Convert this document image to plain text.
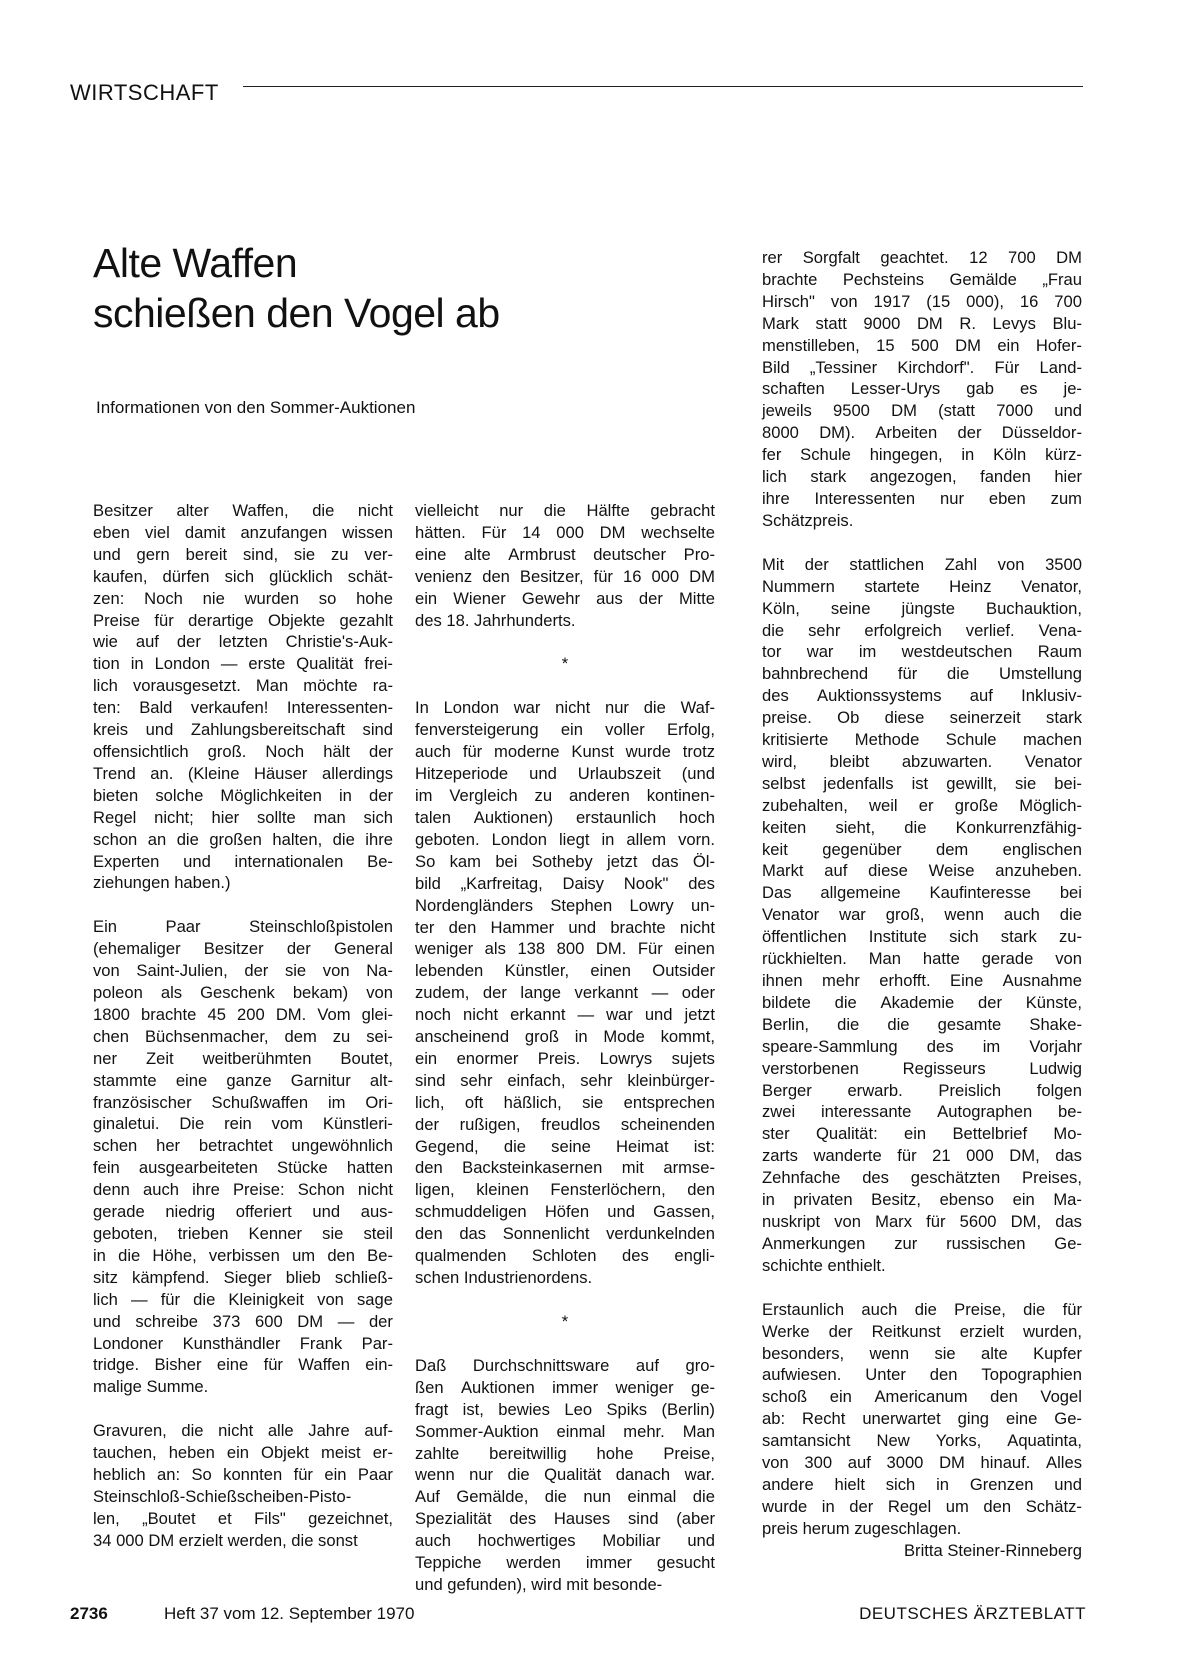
WIRTSCHAFT
Alte Waffen
schießen den Vogel ab
Informationen von den Sommer-Auktionen
Besitzer alter Waffen, die nicht
eben viel damit anzufangen wissen
und gern bereit sind, sie zu ver-
kaufen, dürfen sich glücklich schät-
zen: Noch nie wurden so hohe
Preise für derartige Objekte gezahlt
wie auf der letzten Christie's-Auk-
tion in London — erste Qualität frei-
lich vorausgesetzt. Man möchte ra-
ten: Bald verkaufen! Interessenten-
kreis und Zahlungsbereitschaft sind
offensichtlich groß. Noch hält der
Trend an. (Kleine Häuser allerdings
bieten solche Möglichkeiten in der
Regel nicht; hier sollte man sich
schon an die großen halten, die ihre
Experten und internationalen Be-
ziehungen haben.)
Ein	Paar	Steinschloßpistolen
(ehemaliger Besitzer der General
von Saint-Julien, der sie von Na-
poleon als Geschenk bekam) von
1800 brachte 45 200 DM. Vom glei-
chen Büchsenmacher, dem zu sei-
ner Zeit weitberühmten Boutet,
stammte eine ganze Garnitur alt-
französischer Schußwaffen im Ori-
ginaletui. Die rein vom Künstleri-
schen her betrachtet ungewöhnlich
fein ausgearbeiteten Stücke hatten
denn auch ihre Preise: Schon nicht
gerade niedrig offeriert und aus-
geboten, trieben Kenner sie steil
in die Höhe, verbissen um den Be-
sitz kämpfend. Sieger blieb schließ-
lich — für die Kleinigkeit von sage
und schreibe 373 600 DM — der
Londoner Kunsthändler Frank Par-
tridge. Bisher eine für Waffen ein-
malige Summe.
Gravuren, die nicht alle Jahre auf-
tauchen, heben ein Objekt meist er-
heblich an: So konnten für ein Paar
Steinschloß-Schießscheiben-Pisto-
len, „Boutet et Fils" gezeichnet,
34 000 DM erzielt werden, die sonst
vielleicht nur die Hälfte gebracht
hätten. Für 14 000 DM wechselte
eine alte Armbrust deutscher Pro-
venienz den Besitzer, für 16 000 DM
ein Wiener Gewehr aus der Mitte
des 18. Jahrhunderts.
*
In London war nicht nur die Waf-
fenversteigerung ein voller Erfolg,
auch für moderne Kunst wurde trotz
Hitzeperiode und Urlaubszeit (und
im Vergleich zu anderen kontinen-
talen Auktionen) erstaunlich hoch
geboten. London liegt in allem vorn.
So kam bei Sotheby jetzt das Öl-
bild „Karfreitag, Daisy Nook" des
Nordengländers Stephen Lowry un-
ter den Hammer und brachte nicht
weniger als 138 800 DM. Für einen
lebenden Künstler, einen Outsider
zudem, der lange verkannt — oder
noch nicht erkannt — war und jetzt
anscheinend groß in Mode kommt,
ein enormer Preis. Lowrys sujets
sind sehr einfach, sehr kleinbürger-
lich, oft häßlich, sie entsprechen
der rußigen, freudlos scheinenden
Gegend, die seine Heimat ist:
den Backsteinkasernen mit armse-
ligen, kleinen Fensterlöchern, den
schmuddeligen Höfen und Gassen,
den das Sonnenlicht verdunkelnden
qualmenden Schloten des engli-
schen Industrienordens.
*
Daß Durchschnittsware auf gro-
ßen Auktionen immer weniger ge-
fragt ist, bewies Leo Spiks (Berlin)
Sommer-Auktion einmal mehr. Man
zahlte bereitwillig hohe Preise,
wenn nur die Qualität danach war.
Auf Gemälde, die nun einmal die
Spezialität des Hauses sind (aber
auch hochwertiges Mobiliar und
Teppiche werden immer gesucht
und gefunden), wird mit besonde-
rer Sorgfalt geachtet. 12 700 DM
brachte Pechsteins Gemälde „Frau
Hirsch" von 1917 (15 000), 16 700
Mark statt 9000 DM R. Levys Blu-
menstilleben, 15 500 DM ein Hofer-
Bild „Tessiner Kirchdorf". Für Land-
schaften Lesser-Urys gab es je-
jeweils 9500 DM (statt 7000 und
8000 DM). Arbeiten der Düsseldor-
fer Schule hingegen, in Köln kürz-
lich stark angezogen, fanden hier
ihre Interessenten nur eben zum
Schätzpreis.
Mit der stattlichen Zahl von 3500
Nummern startete Heinz Venator,
Köln, seine jüngste Buchauktion,
die sehr erfolgreich verlief. Vena-
tor war im westdeutschen Raum
bahnbrechend für die Umstellung
des Auktionssystems auf Inklusiv-
preise. Ob diese seinerzeit stark
kritisierte Methode Schule machen
wird, bleibt abzuwarten. Venator
selbst jedenfalls ist gewillt, sie bei-
zubehalten, weil er große Möglich-
keiten sieht, die Konkurrenzfähig-
keit gegenüber dem englischen
Markt auf diese Weise anzuheben.
Das allgemeine Kaufinteresse bei
Venator war groß, wenn auch die
öffentlichen Institute sich stark zu-
rückhielten. Man hatte gerade von
ihnen mehr erhofft. Eine Ausnahme
bildete die Akademie der Künste,
Berlin, die die gesamte Shake-
speare-Sammlung des im Vorjahr
verstorbenen	Regisseurs	Ludwig
Berger erwarb. Preislich folgen
zwei interessante Autographen be-
ster Qualität: ein Bettelbrief Mo-
zarts wanderte für 21 000 DM, das
Zehnfache des geschätzten Preises,
in privaten Besitz, ebenso ein Ma-
nuskript von Marx für 5600 DM, das
Anmerkungen zur russischen Ge-
schichte enthielt.
Erstaunlich auch die Preise, die für
Werke der Reitkunst erzielt wurden,
besonders, wenn sie alte Kupfer
aufwiesen. Unter den Topographien
schoß ein Americanum den Vogel
ab: Recht unerwartet ging eine Ge-
samtansicht New Yorks, Aquatinta,
von 300 auf 3000 DM hinauf. Alles
andere hielt sich in Grenzen und
wurde in der Regel um den Schätz-
preis herum zugeschlagen.
Britta Steiner-Rinneberg
2736	Heft 37 vom 12. September 1970	DEUTSCHES ÄRZTEBLATT
